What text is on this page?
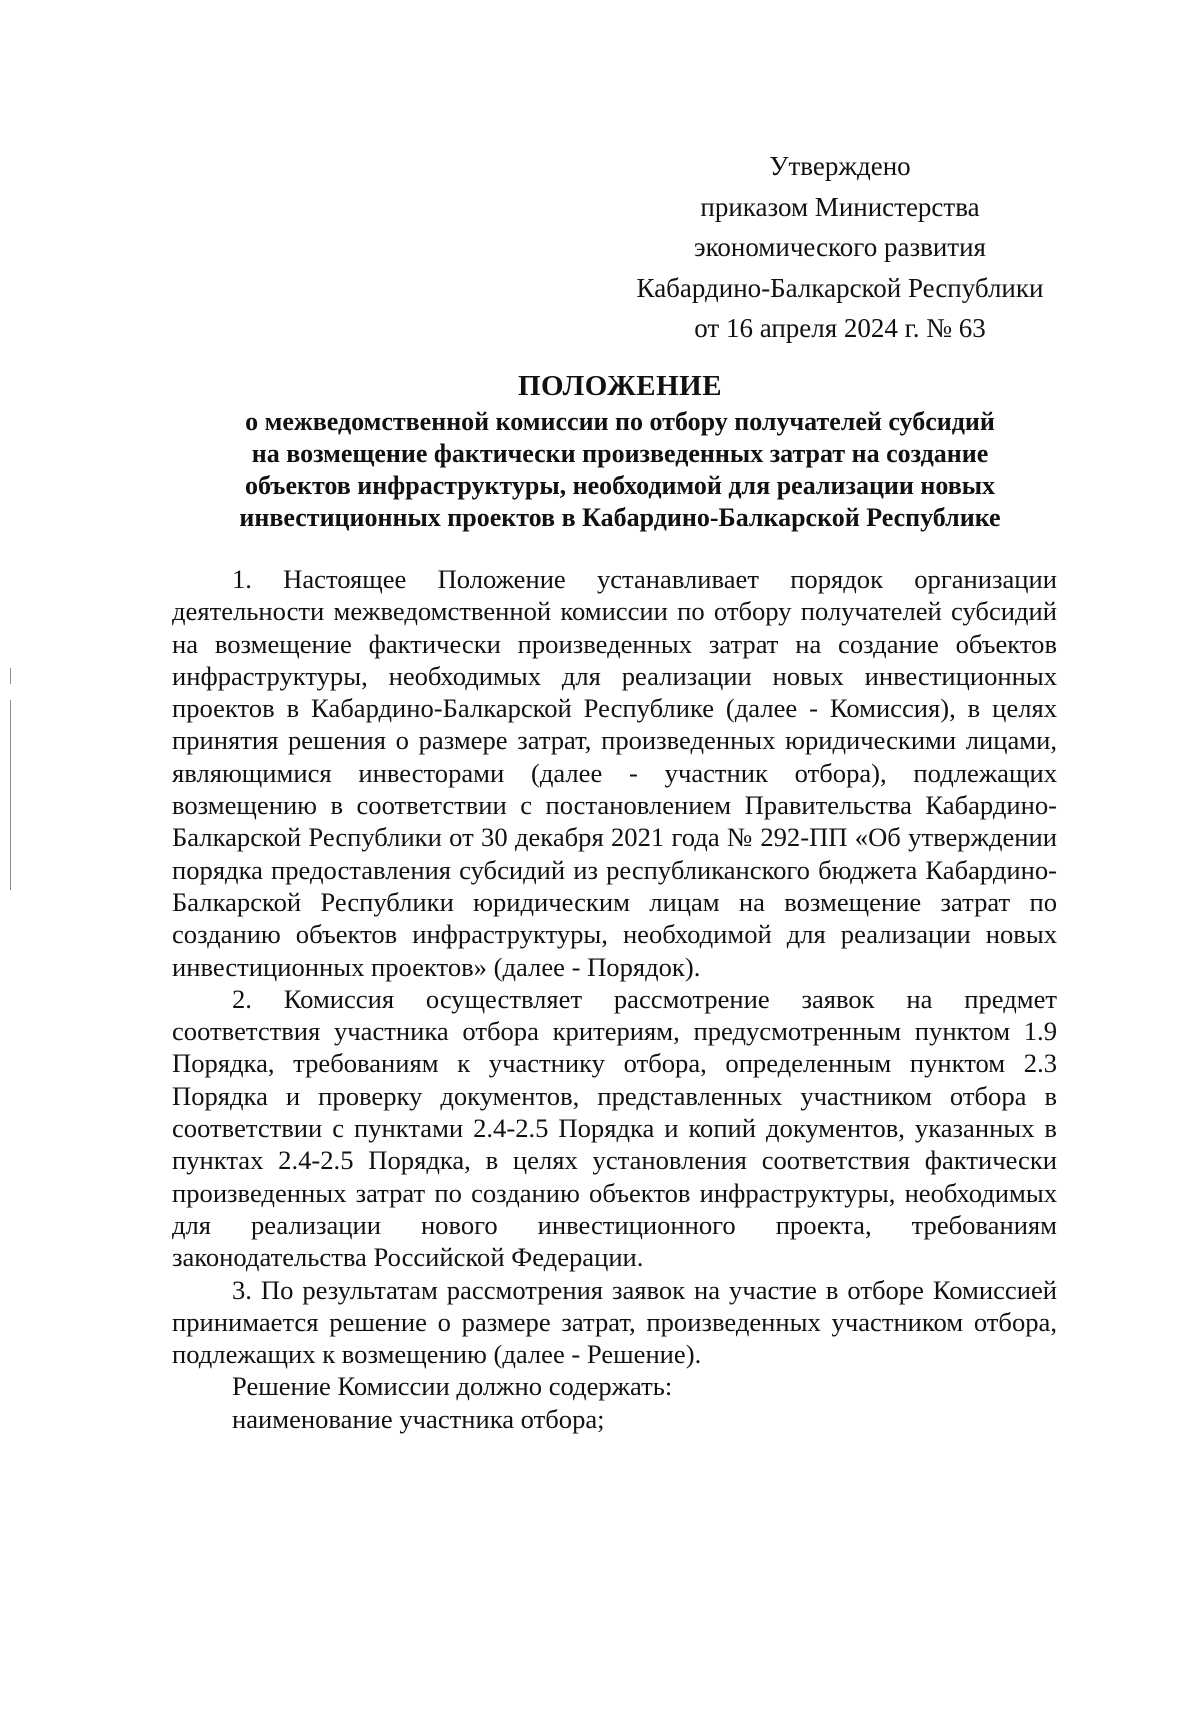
Утверждено
приказом Министерства
экономического развития
Кабардино-Балкарской Республики
от 16 апреля 2024 г. № 63
ПОЛОЖЕНИЕ
о межведомственной комиссии по отбору получателей субсидий
на возмещение фактически произведенных затрат на создание
объектов инфраструктуры, необходимой для реализации новых
инвестиционных проектов в Кабардино-Балкарской Республике

1. Настоящее Положение устанавливает порядок организации деятельности межведомственной комиссии по отбору получателей субсидий на возмещение фактически произведенных затрат на создание объектов инфраструктуры, необходимых для реализации новых инвестиционных проектов в Кабардино-Балкарской Республике (далее - Комиссия), в целях принятия решения о размере затрат, произведенных юридическими лицами, являющимися инвесторами (далее - участник отбора), подлежащих возмещению в соответствии с постановлением Правительства Кабардино-Балкарской Республики от 30 декабря 2021 года № 292-ПП «Об утверждении порядка предоставления субсидий из республиканского бюджета Кабардино-Балкарской Республики юридическим лицам на возмещение затрат по созданию объектов инфраструктуры, необходимой для реализации новых инвестиционных проектов» (далее - Порядок).

2. Комиссия осуществляет рассмотрение заявок на предмет соответствия участника отбора критериям, предусмотренным пунктом 1.9 Порядка, требованиям к участнику отбора, определенным пунктом 2.3 Порядка и проверку документов, представленных участником отбора в соответствии с пунктами 2.4-2.5 Порядка и копий документов, указанных в пунктах 2.4-2.5 Порядка, в целях установления соответствия фактически произведенных затрат по созданию объектов инфраструктуры, необходимых для реализации нового инвестиционного проекта, требованиям законодательства Российской Федерации.

3. По результатам рассмотрения заявок на участие в отборе Комиссией принимается решение о размере затрат, произведенных участником отбора, подлежащих к возмещению (далее - Решение).

Решение Комиссии должно содержать:

наименование участника отбора;
